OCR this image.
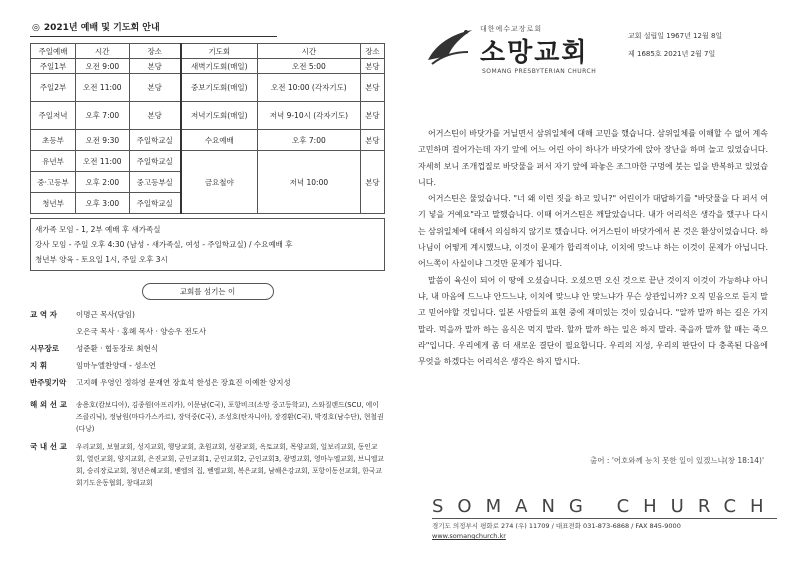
◎ 2021년 예배 및 기도회 안내
주일예배	시간	장소	기도회	시간	장소
주일1부	오전 9:00	본당	새벽기도회(매일)	오전 5:00	본당
주일2부	오전 11:00	본당	중보기도회(매일)	오전 10:00 (각자기도)	본당
주일저녁	오후 7:00	본당	저녁기도회(매일)	저녁 9-10시 (각자기도)	본당
초등부	오전 9:30	주일학교실	수요예배	오후 7:00	본당
유년부	오전 11:00	주일학교실	금요철야	저녁 10:00	본당
중·고등부	오후 2:00	중고등부실			
청년부	오후 3:00	주일학교실			
새가족 모임 - 1, 2부 예배 후 새가족실
강사 모임 - 주일 오후 4:30 (남성 - 새가족실, 여성 - 주일학교실) / 수요예배 후
청년부 양육 - 토요일 1시, 주일 오후 3시
교회를 섬기는 이
교 역 자	이명근 목사(담임)
오은국 목사 · 홍혜 목사 · 양승우 전도사
시무장로	성준환 · 협동장로 최현식
지 휘	임마누엘찬양대 - 성소연
반주및기악	고지혜 우영인 정하영 문재연 장효석 한성은 장효진 이예찬 양지성
해 외 선 교	송용호(캄보디아), 김종원(아프리카), 이문남(C국), 포항비크(소망 중고등학교), 스와질랜드(SCU, 에이즈클리닉), 정남원(마다가스카르), 장덕중(C국), 조성호(탄자니아), 장경환(C국), 박경호(남수단), 현철권(다낭)
국 내 선 교	우리교회, 보혈교회, 성지교회, 행당교회, 초원교회, 성광교회, 옥토교회, 목양교회, 일보리교회, 동인교회, 열린교회, 양지교회, 은진교회, 군인교회1, 군인교회2, 군인교회3, 광명교회, 영마누엘교회, 브니엘교회, 승리장로교회, 청년은혜교회, 벧엘의 집, 벧엘교회, 복은교회, 남해은강교회, 포항이동선교회, 한국교회기도운동협회, 창대교회
대한예수교장로회
소망교회
SOMANG PRESBYTERIAN CHURCH
교회 설립일 1967년 12월 8일
제 1685호 2021년 2월 7일

어거스틴이 바닷가를 거닐면서 삼위일체에 대해 고민을 했습니다. 삼위일체를 이해할 수 없어 계속 고민하며 걸어가는데 자기 앞에 어느 어린 아이 하나가 바닷가에 앉아 장난을 하며 놀고 있었습니다. 자세히 보니 조개껍질로 바닷물을 퍼서 자기 앞에 파놓은 조그마한 구멍에 붓는 일을 반복하고 있었습니다.

어거스틴은 물었습니다. "너 왜 이런 짓을 하고 있니?" 어린이가 대답하기를 "바닷물을 다 퍼서 여기 넣을 거예요"라고 말했습니다. 이때 어거스틴은 깨달았습니다. 내가 어리석은 생각을 했구나 다시는 삼위일체에 대해서 의심하지 않기로 했습니다. 어거스틴이 바닷가에서 본 것은 환상이었습니다. 하나님이 어떻게 계시했느냐, 이것이 문제가 합리적이냐, 이치에 맞느냐 하는 이것이 문제가 아닙니다. 어느쪽이 사실이냐 그것만 문제가 됩니다.

말씀이 육신이 되어 이 땅에 오셨습니다. 오셨으면 오신 것으로 끝난 것이지 이것이 가능하냐 아니냐, 내 마음에 드느냐 안드느냐, 이치에 맞느냐 안 맞느냐가 무슨 상관입니까? 오직 믿음으로 듣지 말고 믿어야할 것입니다. 일본 사람들의 표현 중에 재미있는 것이 있습니다. "알까 말까 하는 길은 가지 말라. 먹을까 말까 하는 음식은 먹지 말라. 할까 말까 하는 일은 하지 말라. 죽을까 말까 할 때는 죽으라"입니다. 우리에게 좀 더 새로운 결단이 필요합니다. 우리의 지성, 우리의 판단이 다 충족된 다음에 무엇을 하겠다는 어리석은 생각은 하지 맙시다.

출어 : '어호와께 능치 못한 일이 있겠느냐(창 18:14)'
SOMANG CHURCH
경기도 의정부시 평화로 274 (우) 11709 / 대표전화 031-873-6868 / FAX 845-9000
www.somangchurch.kr
